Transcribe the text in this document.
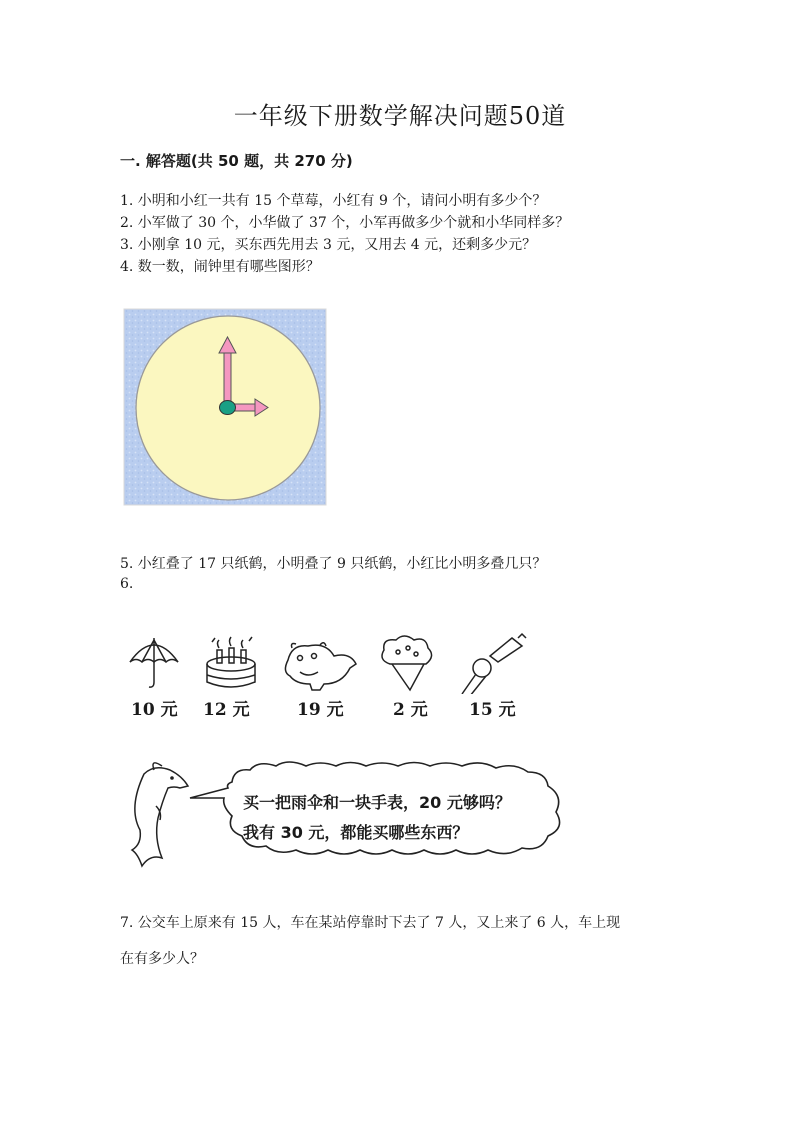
一年级下册数学解决问题50道
一. 解答题(共 50 题，共 270 分)
1. 小明和小红一共有 15 个草莓，小红有 9 个，请问小明有多少个？
2. 小军做了 30 个，小华做了 37 个，小军再做多少个就和小华同样多？
3. 小刚拿 10 元，买东西先用去 3 元，又用去 4 元，还剩多少元？
4. 数一数，闹钟里有哪些图形？
5. 小红叠了 17 只纸鹤，小明叠了 9 只纸鹤，小红比小明多叠几只？
6.
10 元 12 元	19 元	2 元 15 元
买一把雨伞和一块手表，20 元够吗？
我有 30 元，都能买哪些东西？
7. 公交车上原来有 15 人，车在某站停靠时下去了 7 人，又上来了 6 人，车上现
在有多少人？
